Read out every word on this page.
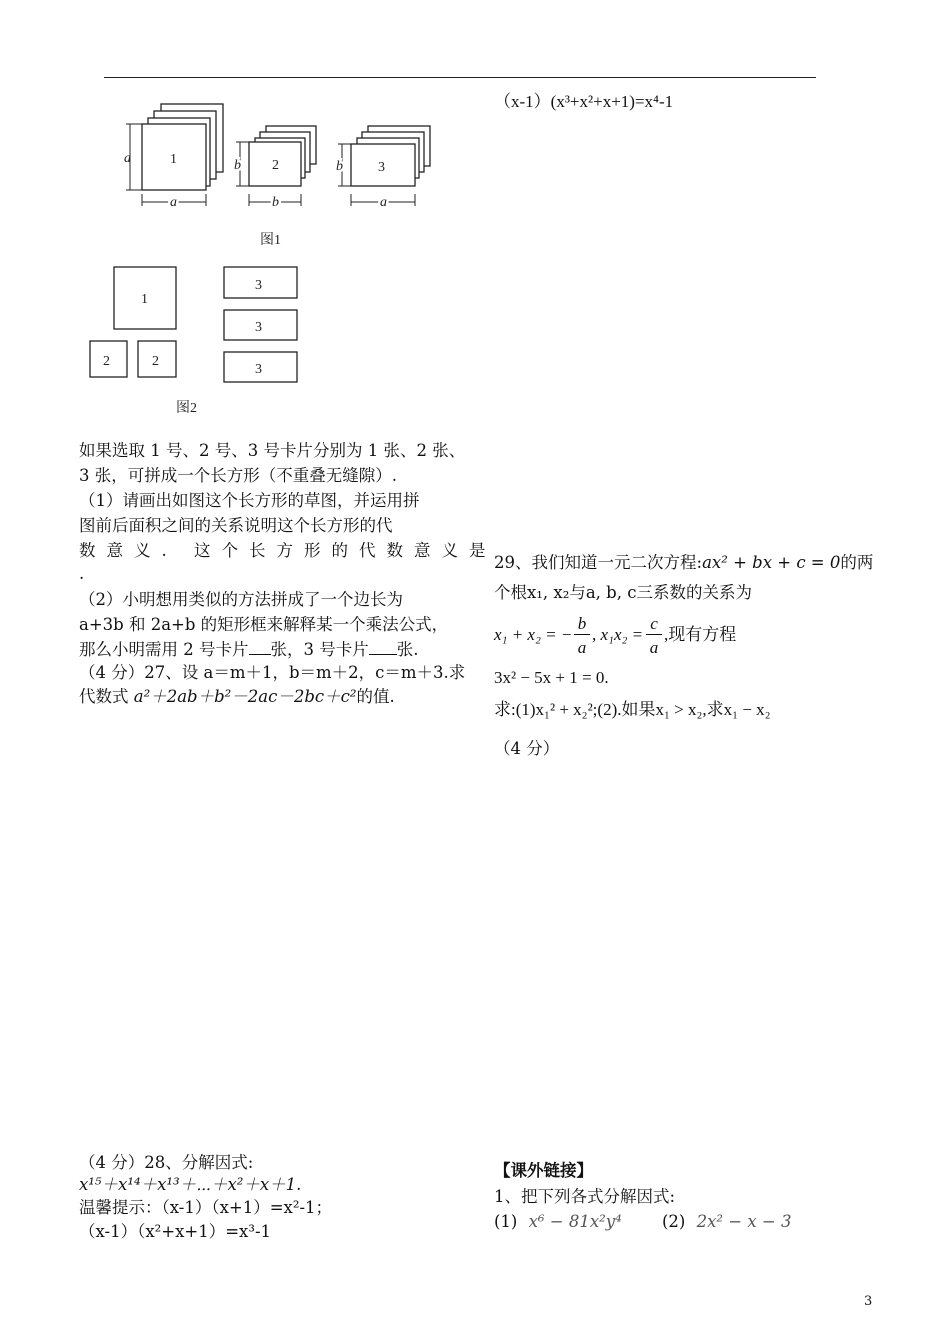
（x-1）(x³+x²+x+1)=x⁴-1
1
a
a
2
b
b
3
b
a
图1
1
2	2
3
3
3
图2
如果选取 1 号、2 号、3 号卡片分别为 1 张、2 张、
3 张，可拼成一个长方形（不重叠无缝隙）.
（1）请画出如图这个长方形的草图，并运用拼
图前后面积之间的关系说明这个长方形的代
数意义. 这个长方形的代数意义是
.
（2）小明想用类似的方法拼成了一个边长为
a+3b 和 2a+b 的矩形框来解释某一个乘法公式，
那么小明需用 2 号卡片 张，3 号卡片 张.
（4 分）27、设 a＝m＋1，b＝m＋2，c＝m＋3.求
代数式 a²＋2ab＋b²－2ac－2bc＋c²的值.
29、我们知道一元二次方程:ax² + bx + c = 0的两
个根x₁, x₂与a, b, c三系数的关系为
x₁ + x₂ = −
b
a
, x₁x₂ =
c
a
,现有方程
3x² − 5x + 1 = 0.
求:(1)x₁² + x₂²;(2).如果x₁ > x₂,求x₁ − x₂
（4 分）
（4 分）28、分解因式:
x¹⁵＋x¹⁴＋x¹³＋⋯＋x²＋x＋1.
温馨提示：（x-1）（x+1）=x²-1；
（x-1）（x²+x+1）=x³-1
【课外链接】
1、把下列各式分解因式:
(1) x⁶ − 81x²y⁴ (2) 2x² − x − 3
3
